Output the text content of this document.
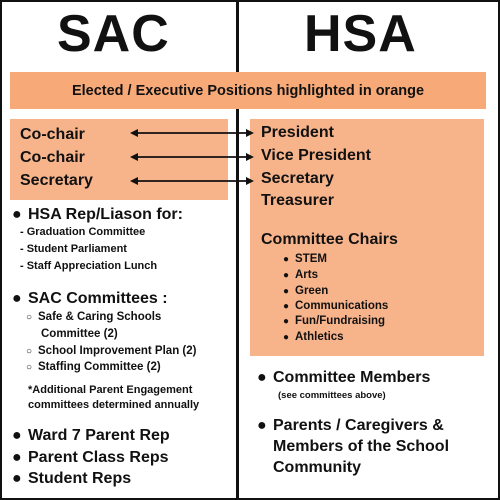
SAC	HSA
Elected / Executive Positions highlighted in orange
Co-chair
Co-chair
Secretary
President
Vice President
Secretary
Treasurer
Committee Chairs
● STEM
● Arts
● Green
● Communications
● Fun/Fundraising
● Athletics
● HSA Rep/Liason for:
- Graduation Committee
- Student Parliament
- Staff Appreciation Lunch
● SAC Committees :
○ Safe & Caring Schools
Committee (2)
○ School Improvement Plan (2)
○ Staffing Committee (2)
*Additional Parent Engagement
committees determined annually
● Ward 7 Parent Rep
● Parent Class Reps
● Student Reps
● Committee Members
(see committees above)
● Parents / Caregivers &
Members of the School
Community
